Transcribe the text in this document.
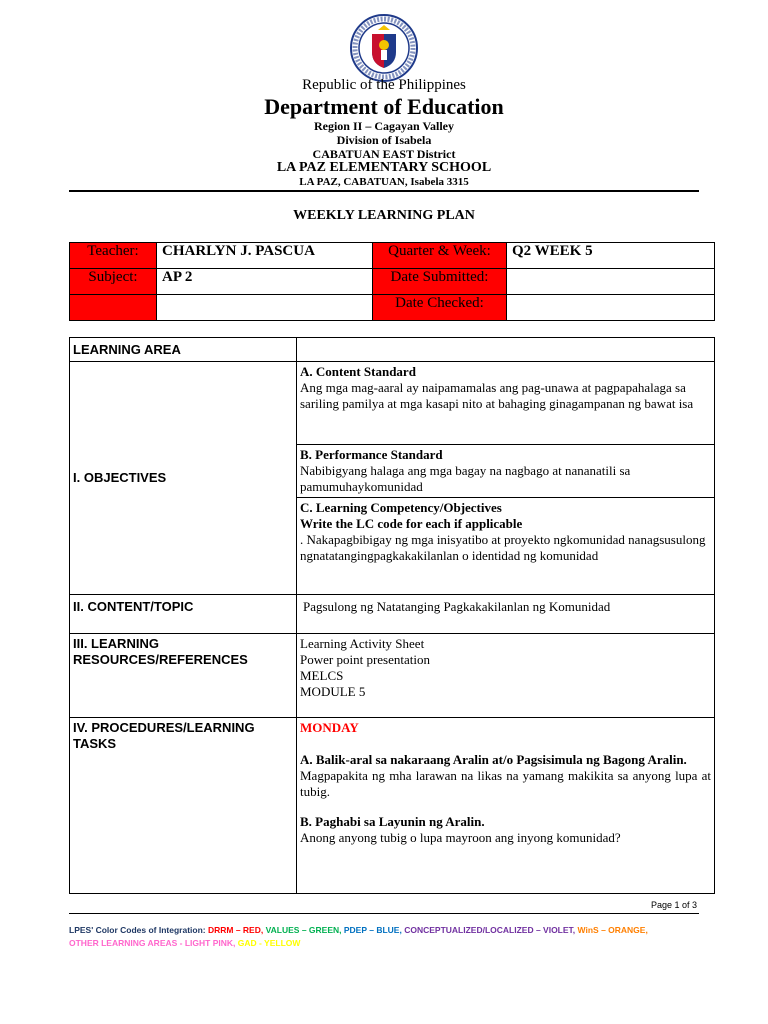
Republic of the Philippines
Department of Education
Region II – Cagayan Valley
Division of Isabela
CABATUAN EAST District
LA PAZ ELEMENTARY SCHOOL
LA PAZ, CABATUAN, Isabela 3315
WEEKLY LEARNING PLAN
Teacher:	CHARLYN J. PASCUA	Quarter & Week:	Q2 WEEK 5
Subject:	AP 2	Date Submitted:	
		Date Checked:	
LEARNING AREA	
I. OBJECTIVES	A. Content Standard
Ang mga mag-aaral ay naipamamalas ang pag-unawa at pagpapahalaga sa sariling pamilya at mga kasapi nito at bahaging ginagampanan ng bawat isa

	B. Performance Standard
Nabibigyang halaga ang mga bagay na nagbago at nananatili sa pamumuhaykomunidad

	C. Learning Competency/Objectives
Write the LC code for each if applicable
. Nakapagbibigay ng mga inisyatibo at proyekto ngkomunidad nanagsusulong ngnatatangingpagkakakilanlan o identidad ng komunidad

II. CONTENT/TOPIC	Pagsulong ng Natatanging Pagkakakilanlan ng Komunidad
III. LEARNING RESOURCES/REFERENCES	Learning Activity Sheet
Power point presentation
MELCS
MODULE 5

IV. PROCEDURES/LEARNING TASKS	MONDAY
A. Balik-aral sa nakaraang Aralin at/o Pagsisimula ng Bagong Aralin.
Magpapakita ng mha larawan na likas na yamang makikita sa anyong lupa at tubig.
B. Paghabi sa Layunin ng Aralin.
Anong anyong tubig o lupa mayroon ang inyong komunidad?
Page 1 of 3
LPES' Color Codes of Integration: DRRM – RED, VALUES – GREEN, PDEP – BLUE, CONCEPTUALIZED/LOCALIZED – VIOLET, WinS – ORANGE,
OTHER LEARNING AREAS - LIGHT PINK, GAD - YELLOW
